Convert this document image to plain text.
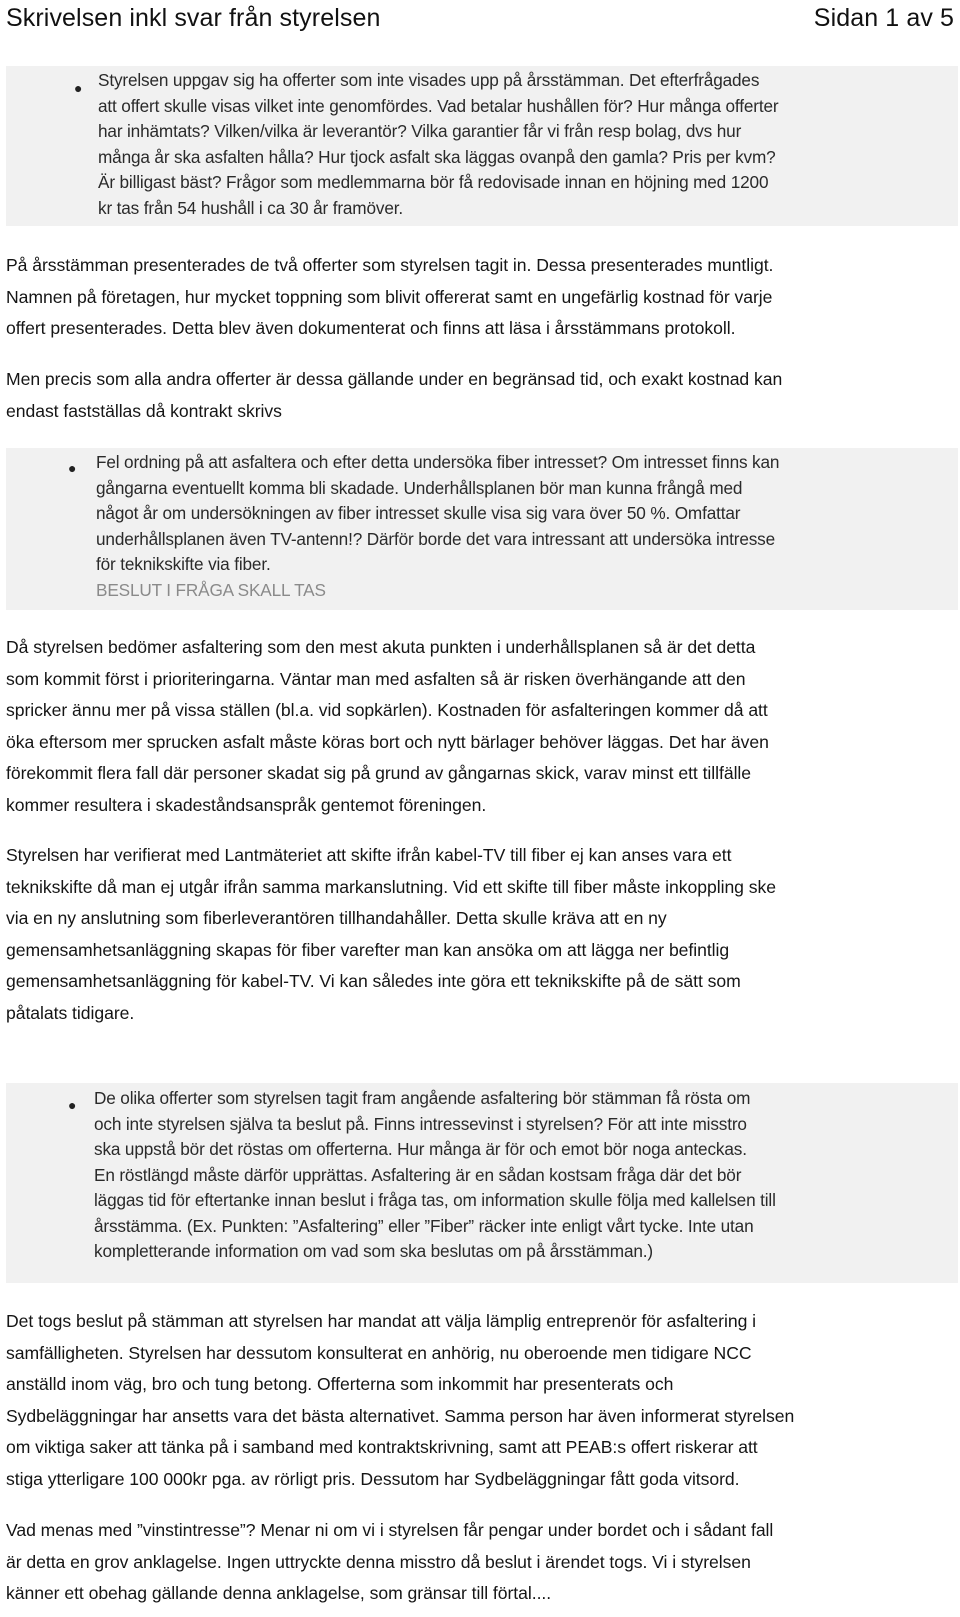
Skrivelsen inkl svar från styrelsen	Sidan 1 av 5
● Styrelsen uppgav sig ha offerter som inte visades upp på årsstämman. Det efterfrågades
att offert skulle visas vilket inte genomfördes. Vad betalar hushållen för? Hur många offerter
har inhämtats? Vilken/vilka är leverantör? Vilka garantier får vi från resp bolag, dvs hur
många år ska asfalten hålla? Hur tjock asfalt ska läggas ovanpå den gamla? Pris per kvm?
Är billigast bäst? Frågor som medlemmarna bör få redovisade innan en höjning med 1200
kr tas från 54 hushåll i ca 30 år framöver.
På årsstämman presenterades de två offerter som styrelsen tagit in. Dessa presenterades muntligt.
Namnen på företagen, hur mycket toppning som blivit offererat samt en ungefärlig kostnad för varje
offert presenterades. Detta blev även dokumenterat och finns att läsa i årsstämmans protokoll.
Men precis som alla andra offerter är dessa gällande under en begränsad tid, och exakt kostnad kan
endast fastställas då kontrakt skrivs
● Fel ordning på att asfaltera och efter detta undersöka fiber intresset? Om intresset finns kan
gångarna eventuellt komma bli skadade. Underhållsplanen bör man kunna frångå med
något år om undersökningen av fiber intresset skulle visa sig vara över 50 %. Omfattar
underhållsplanen även TV-antenn!? Därför borde det vara intressant att undersöka intresse
för teknikskifte via fiber.
BESLUT I FRÅGA SKALL TAS
Då styrelsen bedömer asfaltering som den mest akuta punkten i underhållsplanen så är det detta
som kommit först i prioriteringarna. Väntar man med asfalten så är risken överhängande att den
spricker ännu mer på vissa ställen (bl.a. vid sopkärlen). Kostnaden för asfalteringen kommer då att
öka eftersom mer sprucken asfalt måste köras bort och nytt bärlager behöver läggas. Det har även
förekommit flera fall där personer skadat sig på grund av gångarnas skick, varav minst ett tillfälle
kommer resultera i skadeståndsanspråk gentemot föreningen.
Styrelsen har verifierat med Lantmäteriet att skifte ifrån kabel-TV till fiber ej kan anses vara ett
teknikskifte då man ej utgår ifrån samma markanslutning. Vid ett skifte till fiber måste inkoppling ske
via en ny anslutning som fiberleverantören tillhandahåller. Detta skulle kräva att en ny
gemensamhetsanläggning skapas för fiber varefter man kan ansöka om att lägga ner befintlig
gemensamhetsanläggning för kabel-TV. Vi kan således inte göra ett teknikskifte på de sätt som
påtalats tidigare.
● De olika offerter som styrelsen tagit fram angående asfaltering bör stämman få rösta om
och inte styrelsen själva ta beslut på. Finns intressevinst i styrelsen? För att inte misstro
ska uppstå bör det röstas om offerterna. Hur många är för och emot bör noga anteckas.
En röstlängd måste därför upprättas. Asfaltering är en sådan kostsam fråga där det bör
läggas tid för eftertanke innan beslut i fråga tas, om information skulle följa med kallelsen till
årsstämma. (Ex. Punkten: ”Asfaltering” eller ”Fiber” räcker inte enligt vårt tycke. Inte utan
kompletterande information om vad som ska beslutas om på årsstämman.)
Det togs beslut på stämman att styrelsen har mandat att välja lämplig entreprenör för asfaltering i
samfälligheten. Styrelsen har dessutom konsulterat en anhörig, nu oberoende men tidigare NCC
anställd inom väg, bro och tung betong. Offerterna som inkommit har presenterats och
Sydbeläggningar har ansetts vara det bästa alternativet. Samma person har även informerat styrelsen
om viktiga saker att tänka på i samband med kontraktskrivning, samt att PEAB:s offert riskerar att
stiga ytterligare 100 000kr pga. av rörligt pris. Dessutom har Sydbeläggningar fått goda vitsord.
Vad menas med ”vinstintresse”? Menar ni om vi i styrelsen får pengar under bordet och i sådant fall
är detta en grov anklagelse. Ingen uttryckte denna misstro då beslut i ärendet togs. Vi i styrelsen
känner ett obehag gällande denna anklagelse, som gränsar till förtal....
